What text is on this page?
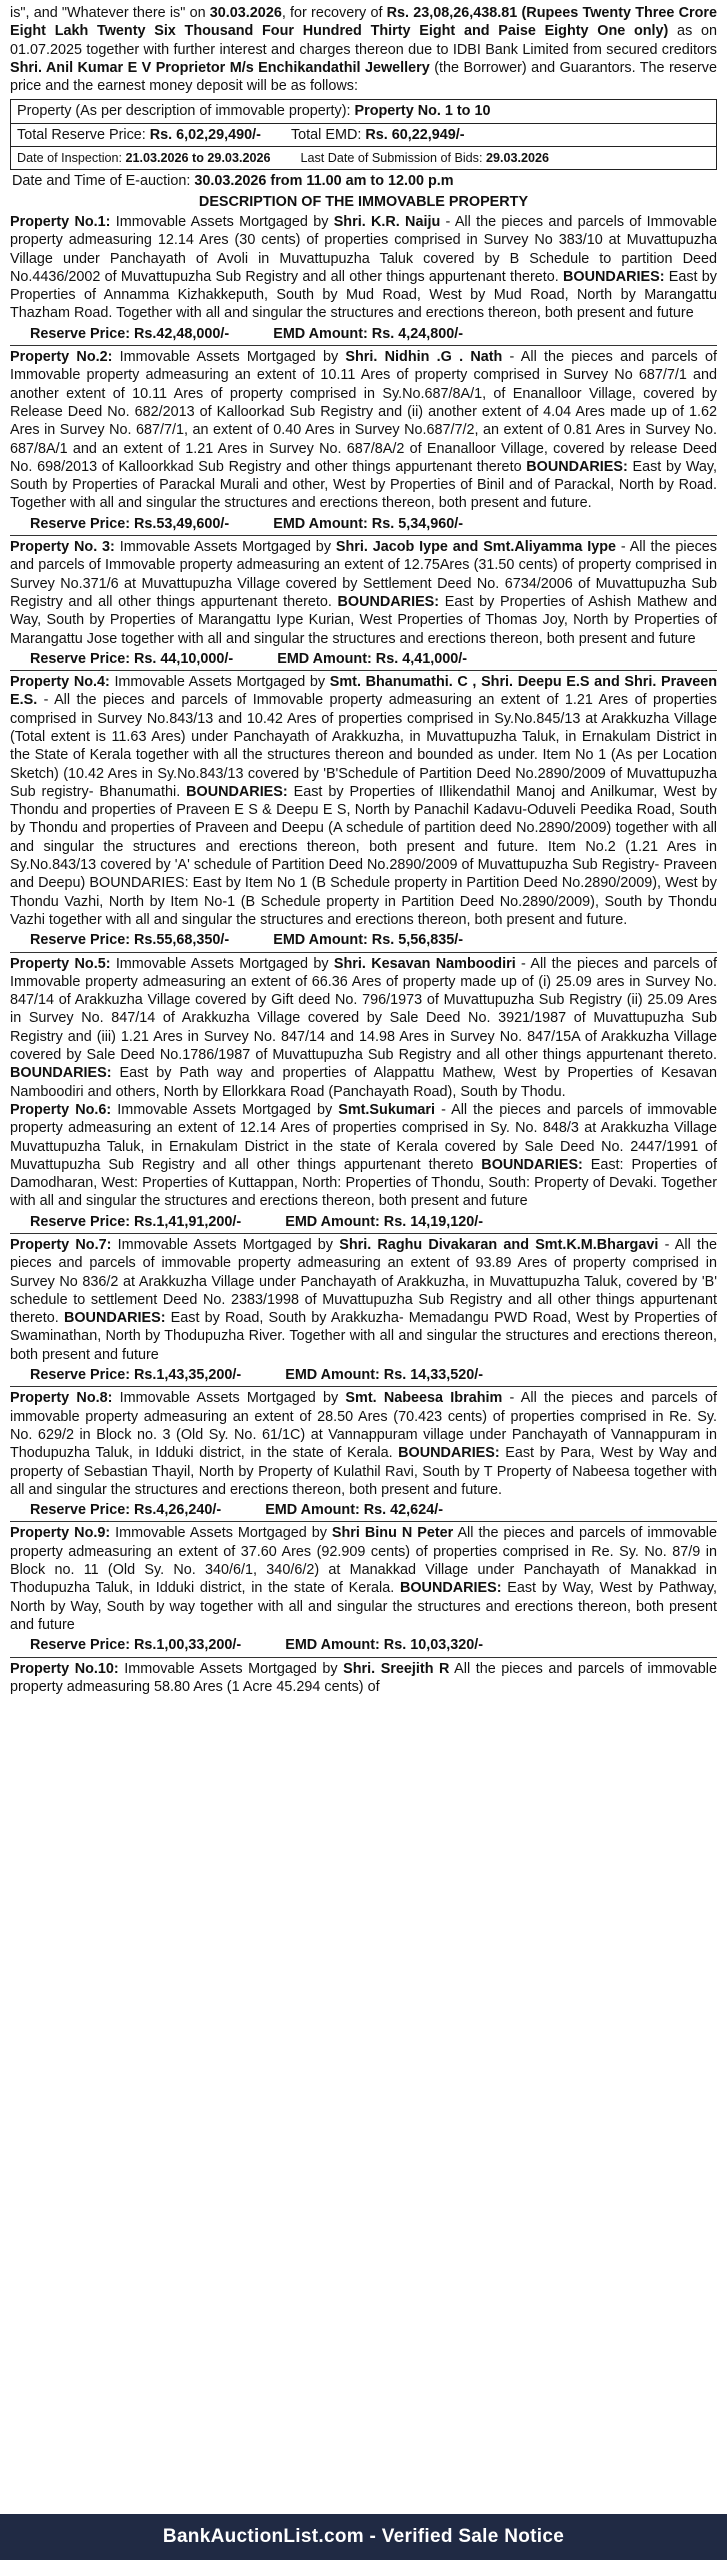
is", and "Whatever there is" on 30.03.2026, for recovery of Rs. 23,08,26,438.81 (Rupees Twenty Three Crore Eight Lakh Twenty Six Thousand Four Hundred Thirty Eight and Paise Eighty One only) as on 01.07.2025 together with further interest and charges thereon due to IDBI Bank Limited from secured creditors Shri. Anil Kumar E V Proprietor M/s Enchikandathil Jewellery (the Borrower) and Guarantors. The reserve price and the earnest money deposit will be as follows:

Property (As per description of immovable property): Property No. 1 to 10
Total Reserve Price: Rs. 6,02,29,490/- Total EMD: Rs. 60,22,949/-
Date of Inspection: 21.03.2026 to 29.03.2026 Last Date of Submission of Bids: 29.03.2026
Date and Time of E-auction: 30.03.2026 from 11.00 am to 12.00 p.m
DESCRIPTION OF THE IMMOVABLE PROPERTY

Property No.1: Immovable Assets Mortgaged by Shri. K.R. Naiju - All the pieces and parcels of Immovable property admeasuring 12.14 Ares (30 cents) of properties comprised in Survey No 383/10 at Muvattupuzha Village under Panchayath of Avoli in Muvattupuzha Taluk covered by B Schedule to partition Deed No.4436/2002 of Muvattupuzha Sub Registry and all other things appurtenant thereto. BOUNDARIES: East by Properties of Annamma Kizhakkeputh, South by Mud Road, West by Mud Road, North by Marangattu Thazham Road. Together with all and singular the structures and erections thereon, both present and future

Reserve Price: Rs.42,48,000/-	EMD Amount: Rs. 4,24,800/-

Property No.2: Immovable Assets Mortgaged by Shri. Nidhin .G . Nath - All the pieces and parcels of Immovable property admeasuring an extent of 10.11 Ares of property comprised in Survey No 687/7/1 and another extent of 10.11 Ares of property comprised in Sy.No.687/8A/1, of Enanalloor Village, covered by Release Deed No. 682/2013 of Kalloorkad Sub Registry and (ii) another extent of 4.04 Ares made up of 1.62 Ares in Survey No. 687/7/1, an extent of 0.40 Ares in Survey No.687/7/2, an extent of 0.81 Ares in Survey No. 687/8A/1 and an extent of 1.21 Ares in Survey No. 687/8A/2 of Enanalloor Village, covered by release Deed No. 698/2013 of Kalloorkkad Sub Registry and other things appurtenant thereto BOUNDARIES: East by Way, South by Properties of Parackal Murali and other, West by Properties of Binil and of Parackal, North by Road. Together with all and singular the structures and erections thereon, both present and future.

Reserve Price: Rs.53,49,600/-	EMD Amount: Rs. 5,34,960/-

Property No. 3: Immovable Assets Mortgaged by Shri. Jacob Iype and Smt.Aliyamma Iype - All the pieces and parcels of Immovable property admeasuring an extent of 12.75Ares (31.50 cents) of property comprised in Survey No.371/6 at Muvattupuzha Village covered by Settlement Deed No. 6734/2006 of Muvattupuzha Sub Registry and all other things appurtenant thereto. BOUNDARIES: East by Properties of Ashish Mathew and Way, South by Properties of Marangattu Iype Kurian, West Properties of Thomas Joy, North by Properties of Marangattu Jose together with all and singular the structures and erections thereon, both present and future

Reserve Price: Rs. 44,10,000/-	EMD Amount: Rs. 4,41,000/-

Property No.4: Immovable Assets Mortgaged by Smt. Bhanumathi. C , Shri. Deepu E.S and Shri. Praveen E.S. - All the pieces and parcels of Immovable property admeasuring an extent of 1.21 Ares of properties comprised in Survey No.843/13 and 10.42 Ares of properties comprised in Sy.No.845/13 at Arakkuzha Village (Total extent is 11.63 Ares) under Panchayath of Arakkuzha, in Muvattupuzha Taluk, in Ernakulam District in the State of Kerala together with all the structures thereon and bounded as under. Item No 1 (As per Location Sketch) (10.42 Ares in Sy.No.843/13 covered by 'B'Schedule of Partition Deed No.2890/2009 of Muvattupuzha Sub registry- Bhanumathi. BOUNDARIES: East by Properties of Illikendathil Manoj and Anilkumar, West by Thondu and properties of Praveen E S & Deepu E S, North by Panachil Kadavu-Oduveli Peedika Road, South by Thondu and properties of Praveen and Deepu (A schedule of partition deed No.2890/2009) together with all and singular the structures and erections thereon, both present and future. Item No.2 (1.21 Ares in Sy.No.843/13 covered by 'A' schedule of Partition Deed No.2890/2009 of Muvattupuzha Sub Registry- Praveen and Deepu) BOUNDARIES: East by Item No 1 (B Schedule property in Partition Deed No.2890/2009), West by Thondu Vazhi, North by Item No-1 (B Schedule property in Partition Deed No.2890/2009), South by Thondu Vazhi together with all and singular the structures and erections thereon, both present and future.

Reserve Price: Rs.55,68,350/-	EMD Amount: Rs. 5,56,835/-

Property No.5: Immovable Assets Mortgaged by Shri. Kesavan Namboodiri - All the pieces and parcels of Immovable property admeasuring an extent of 66.36 Ares of property made up of (i) 25.09 ares in Survey No. 847/14 of Arakkuzha Village covered by Gift deed No. 796/1973 of Muvattupuzha Sub Registry (ii) 25.09 Ares in Survey No. 847/14 of Arakkuzha Village covered by Sale Deed No. 3921/1987 of Muvattupuzha Sub Registry and (iii) 1.21 Ares in Survey No. 847/14 and 14.98 Ares in Survey No. 847/15A of Arakkuzha Village covered by Sale Deed No.1786/1987 of Muvattupuzha Sub Registry and all other things appurtenant thereto. BOUNDARIES: East by Path way and properties of Alappattu Mathew, West by Properties of Kesavan Namboodiri and others, North by Ellorkkara Road (Panchayath Road), South by Thodu.

Property No.6: Immovable Assets Mortgaged by Smt.Sukumari - All the pieces and parcels of immovable property admeasuring an extent of 12.14 Ares of properties comprised in Sy. No. 848/3 at Arakkuzha Village Muvattupuzha Taluk, in Ernakulam District in the state of Kerala covered by Sale Deed No. 2447/1991 of Muvattupuzha Sub Registry and all other things appurtenant thereto BOUNDARIES: East: Properties of Damodharan, West: Properties of Kuttappan, North: Properties of Thondu, South: Property of Devaki. Together with all and singular the structures and erections thereon, both present and future

Reserve Price: Rs.1,41,91,200/-	EMD Amount: Rs. 14,19,120/-

Property No.7: Immovable Assets Mortgaged by Shri. Raghu Divakaran and Smt.K.M.Bhargavi - All the pieces and parcels of immovable property admeasuring an extent of 93.89 Ares of property comprised in Survey No 836/2 at Arakkuzha Village under Panchayath of Arakkuzha, in Muvattupuzha Taluk, covered by 'B' schedule to settlement Deed No. 2383/1998 of Muvattupuzha Sub Registry and all other things appurtenant thereto. BOUNDARIES: East by Road, South by Arakkuzha- Memadangu PWD Road, West by Properties of Swaminathan, North by Thodupuzha River. Together with all and singular the structures and erections thereon, both present and future

Reserve Price: Rs.1,43,35,200/-	EMD Amount: Rs. 14,33,520/-

Property No.8: Immovable Assets Mortgaged by Smt. Nabeesa Ibrahim - All the pieces and parcels of immovable property admeasuring an extent of 28.50 Ares (70.423 cents) of properties comprised in Re. Sy. No. 629/2 in Block no. 3 (Old Sy. No. 61/1C) at Vannappuram village under Panchayath of Vannappuram in Thodupuzha Taluk, in Idduki district, in the state of Kerala. BOUNDARIES: East by Para, West by Way and property of Sebastian Thayil, North by Property of Kulathil Ravi, South by T Property of Nabeesa together with all and singular the structures and erections thereon, both present and future.

Reserve Price: Rs.4,26,240/-	EMD Amount: Rs. 42,624/-

Property No.9: Immovable Assets Mortgaged by Shri Binu N Peter All the pieces and parcels of immovable property admeasuring an extent of 37.60 Ares (92.909 cents) of properties comprised in Re. Sy. No. 87/9 in Block no. 11 (Old Sy. No. 340/6/1, 340/6/2) at Manakkad Village under Panchayath of Manakkad in Thodupuzha Taluk, in Idduki district, in the state of Kerala. BOUNDARIES: East by Way, West by Pathway, North by Way, South by way together with all and singular the structures and erections thereon, both present and future

Reserve Price: Rs.1,00,33,200/-	EMD Amount: Rs. 10,03,320/-

Property No.10: Immovable Assets Mortgaged by Shri. Sreejith R All the pieces and parcels of immovable property admeasuring 58.80 Ares (1 Acre 45.294 cents) of

BankAuctionList.com - Verified Sale Notice
